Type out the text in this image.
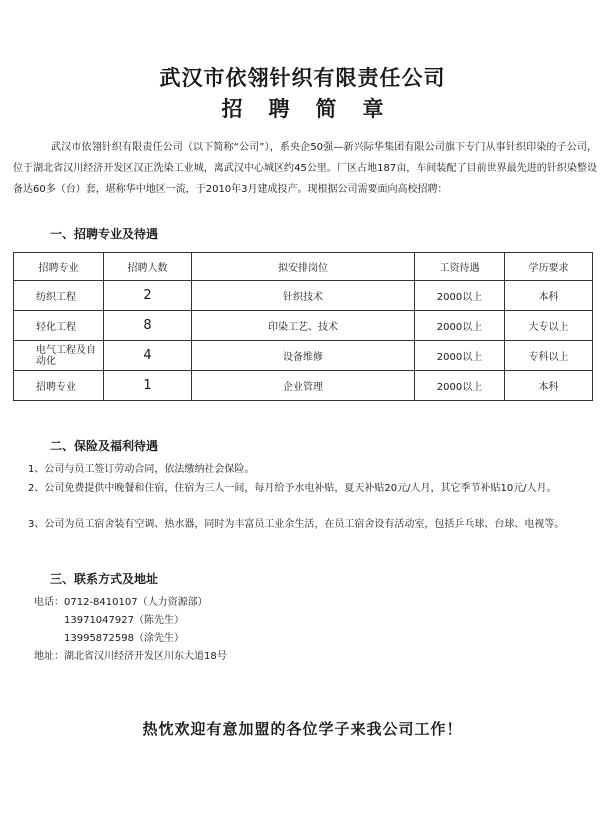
武汉市依翎针织有限责任公司
招聘简章

武汉市依翎针织有限责任公司（以下简称“公司”），系央企50强—新兴际华集团有限公司旗下专门从事针织印染的子公司，位于湖北省汉川经济开发区汉正洗染工业城，离武汉中心城区约45公里。厂区占地187亩，车间装配了目前世界最先进的针织染整设备达60多（台）套，堪称华中地区一流，于2010年3月建成投产。现根据公司需要面向高校招聘：

一、招聘专业及待遇
招聘专业	招聘人数	拟安排岗位	工资待遇	学历要求
纺织工程	2	针织技术	2000以上	本科
轻化工程	8	印染工艺、技术	2000以上	大专以上
电气工程及自动化	4	设备维修	2000以上	专科以上
招聘专业	1	企业管理	2000以上	本科
二、保险及福利待遇

1、公司与员工签订劳动合同，依法缴纳社会保险。

2、公司免费提供中晚餐和住宿，住宿为三人一间，每月给予水电补贴，夏天补贴20元/人月，其它季节补贴10元/人月。

3、公司为员工宿舍装有空调、热水器，同时为丰富员工业余生活，在员工宿舍设有活动室，包括乒乓球、台球、电视等。

三、联系方式及地址
电话： 0712-8410107（人力资源部）
13971047927（陈先生）
13995872598（涂先生）
地址： 湖北省汉川经济开发区川东大道18号
热忱欢迎有意加盟的各位学子来我公司工作！
